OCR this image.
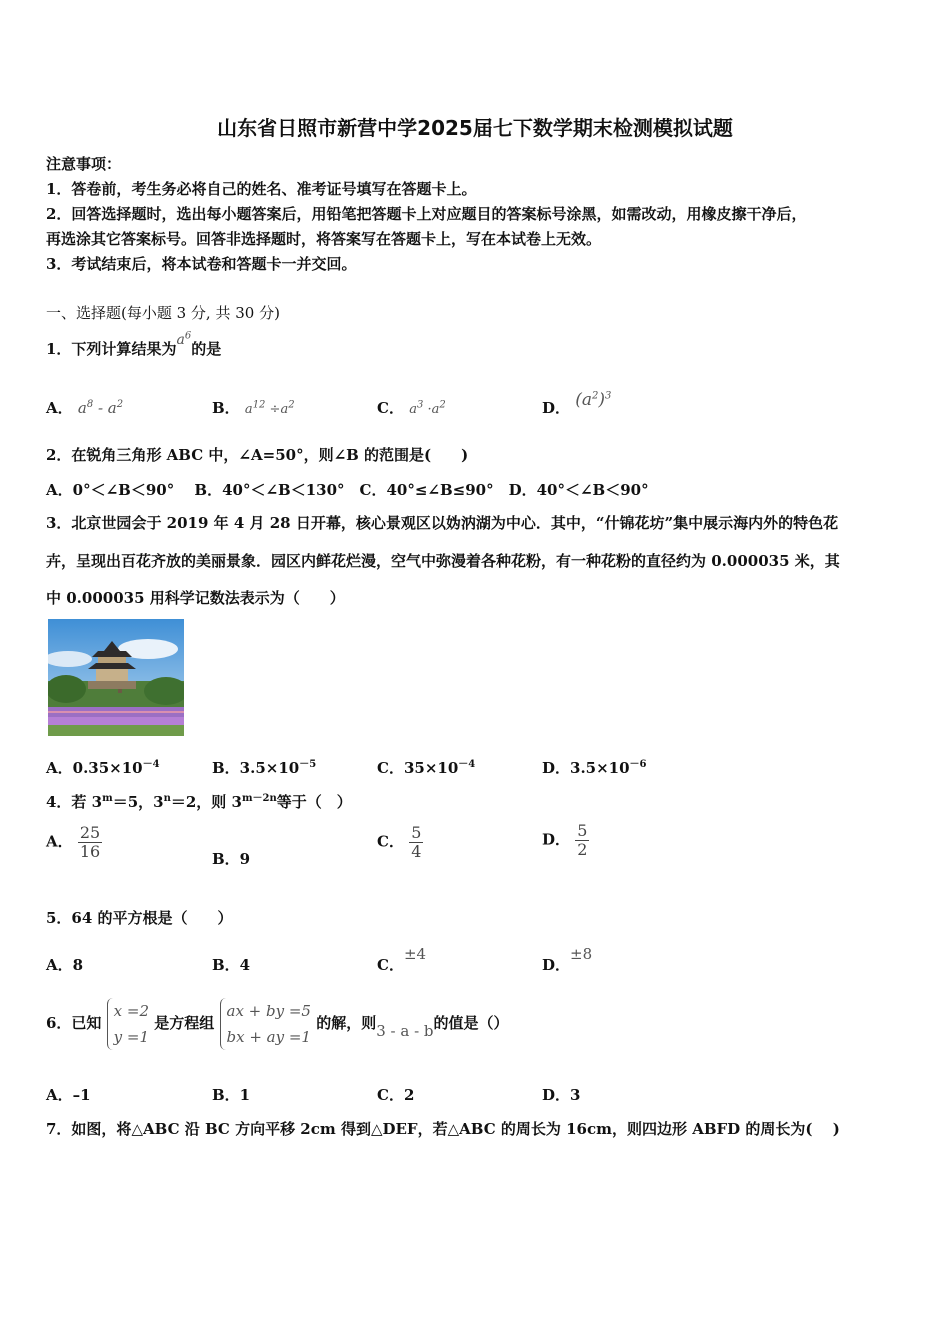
山东省日照市新营中学2025届七下数学期末检测模拟试题
注意事项：
1．答卷前，考生务必将自己的姓名、准考证号填写在答题卡上。
2．回答选择题时，选出每小题答案后，用铅笔把答题卡上对应题目的答案标号涂黑，如需改动，用橡皮擦干净后，
再选涂其它答案标号。回答非选择题时，将答案写在答题卡上，写在本试卷上无效。
3．考试结束后，将本试卷和答题卡一并交回。
一、选择题(每小题 3 分, 共 30 分)
1．下列计算结果为$a^6$的是
A． $a^8 - a^2$	B． $a^{12} \div a^2$	C． $a^3 \cdot a^2$	D． $(a^2)^3$
2．在锐角三角形 ABC 中，∠A=50°，则∠B 的范围是(　　)
A．0°＜∠B＜90°　 B．40°＜∠B＜130°　C．40°≤∠B≤90°　D．40°＜∠B＜90°
3．北京世园会于 2019 年 4 月 28 日开幕，核心景观区以妫汭湖为中心．其中，“什锦花坊”集中展示海内外的特色花
卉，呈现出百花齐放的美丽景象．园区内鲜花烂漫，空气中弥漫着各种花粉，有一种花粉的直径约为 0.000035 米，其
中 0.000035 用科学记数法表示为（　　）
A．$0.35\times 10^{-4}$	B．$3.5\times 10^{-5}$	C．$35\times 10^{-4}$	D．$3.5\times 10^{-6}$
4．若 $3^m=5$，$3^n=2$，则 $3^{m-2n}$等于（　）
A． $\frac{25}{16}$	B．9
C． $\frac{5}{4}$	D． $\frac{5}{2}$
5．64 的平方根是（　　）
A．8	B．4	C．±4
D．±8
6．已知
x =2
y =1
是方程组
ax + by =5
bx + ay =1
的解，则3 - a - b的值是（）
A．–1	B．1	C．2	D．3
7．如图，将△ABC 沿 BC 方向平移 2cm 得到△DEF，若△ABC 的周长为 16cm，则四边形 ABFD 的周长为(　 )
